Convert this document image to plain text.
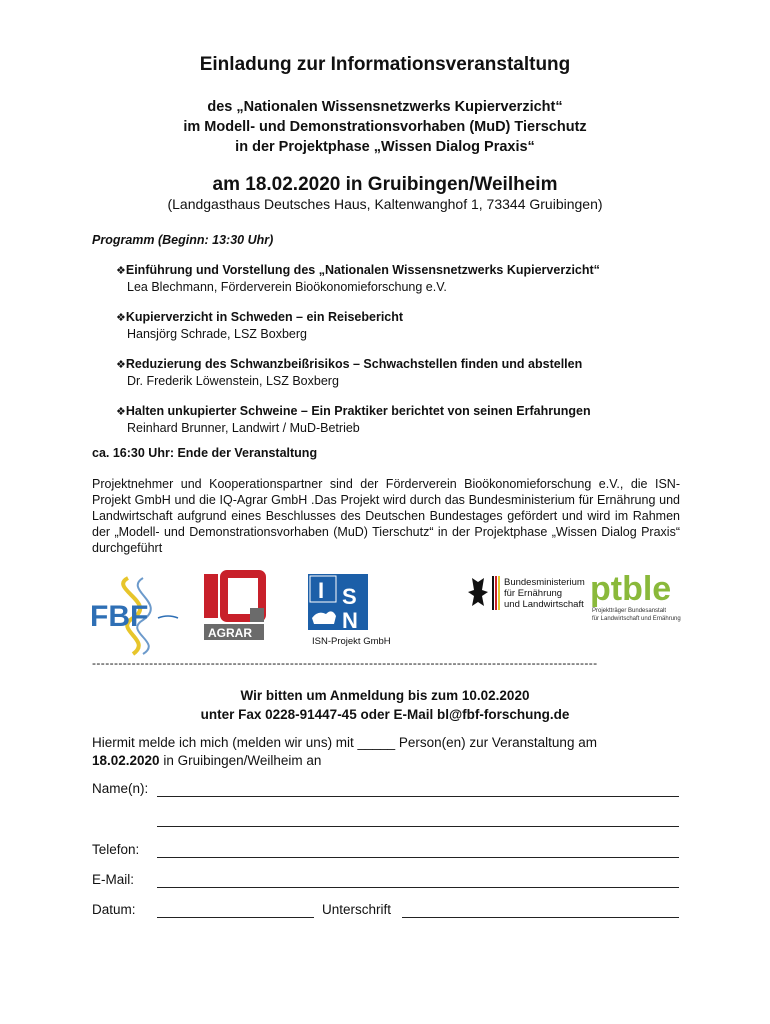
Einladung zur Informationsveranstaltung
des „Nationalen Wissensnetzwerks Kupierverzicht“
im Modell- und Demonstrationsvorhaben (MuD) Tierschutz
in der Projektphase „Wissen Dialog Praxis“
am 18.02.2020 in Gruibingen/Weilheim
(Landgasthaus Deutsches Haus, Kaltenwanghof 1, 73344 Gruibingen)
Programm (Beginn: 13:30 Uhr)
❖Einführung und Vorstellung des „Nationalen Wissensnetzwerks Kupierverzicht“
Lea Blechmann, Förderverein Bioökonomieforschung e.V.
❖Kupierverzicht in Schweden – ein Reisebericht
Hansjörg Schrade, LSZ Boxberg
❖Reduzierung des Schwanzbeißrisikos – Schwachstellen finden und abstellen
Dr. Frederik Löwenstein, LSZ Boxberg
❖Halten unkupierter Schweine – Ein Praktiker berichtet von seinen Erfahrungen
Reinhard Brunner, Landwirt / MuD-Betrieb
ca. 16:30 Uhr: Ende der Veranstaltung
Projektnehmer und Kooperationspartner sind der Förderverein Bioökonomieforschung e.V., die ISN-Projekt GmbH und die IQ-Agrar GmbH .Das Projekt wird durch das Bundesministerium für Ernährung und Landwirtschaft aufgrund eines Beschlusses des Deutschen Bundestages gefördert und wird im Rahmen der „Modell- und Demonstrationsvorhaben (MuD) Tierschutz“ in der Projektphase „Wissen Dialog Praxis“ durchgeführt
FBF	AGRAR
I S
N
ISN-Projekt GmbH
Bundesministerium
für Ernährung
und Landwirtschaft ptble
Projektträger Bundesanstalt
für Landwirtschaft und Ernährung
-------------------------------------------------------------------------------------------------------------------
Wir bitten um Anmeldung bis zum 10.02.2020
unter Fax 0228-91447-45 oder E-Mail bl@fbf-forschung.de
Hiermit melde ich mich (melden wir uns) mit _____ Person(en) zur Veranstaltung am
18.02.2020 in Gruibingen/Weilheim an
Name(n):
Telefon:
E-Mail:
Datum:	Unterschrift
